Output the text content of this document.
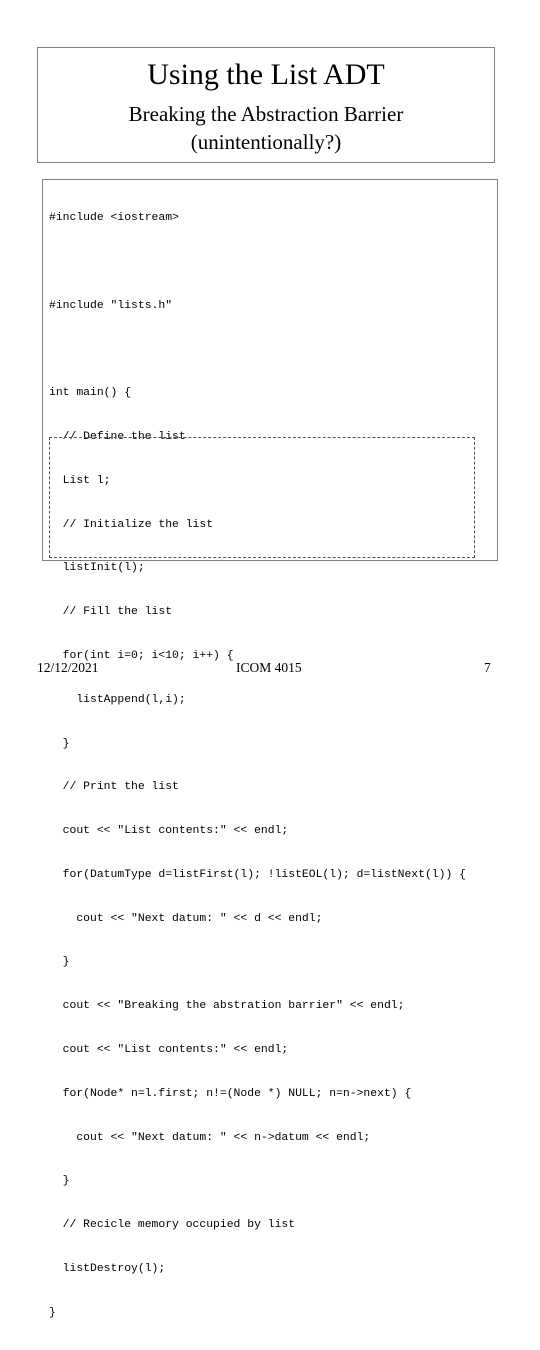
Using the List ADT
Breaking the Abstraction Barrier
(unintentionally?)

#include <iostream>

#include "lists.h"

int main() {

// Define the list

List l;

// Initialize the list

listInit(l);

// Fill the list

for(int i=0; i<10; i++) {

listAppend(l,i);

}

// Print the list

cout << "List contents:" << endl;

for(DatumType d=listFirst(l); !listEOL(l); d=listNext(l)) {

cout << "Next datum: " << d << endl;

}

cout << "Breaking the abstration barrier" << endl;

cout << "List contents:" << endl;

for(Node* n=l.first; n!=(Node *) NULL; n=n->next) {

cout << "Next datum: " << n->datum << endl;

}

// Recicle memory occupied by list

listDestroy(l);

}

12/12/2021	ICOM 4015	7
